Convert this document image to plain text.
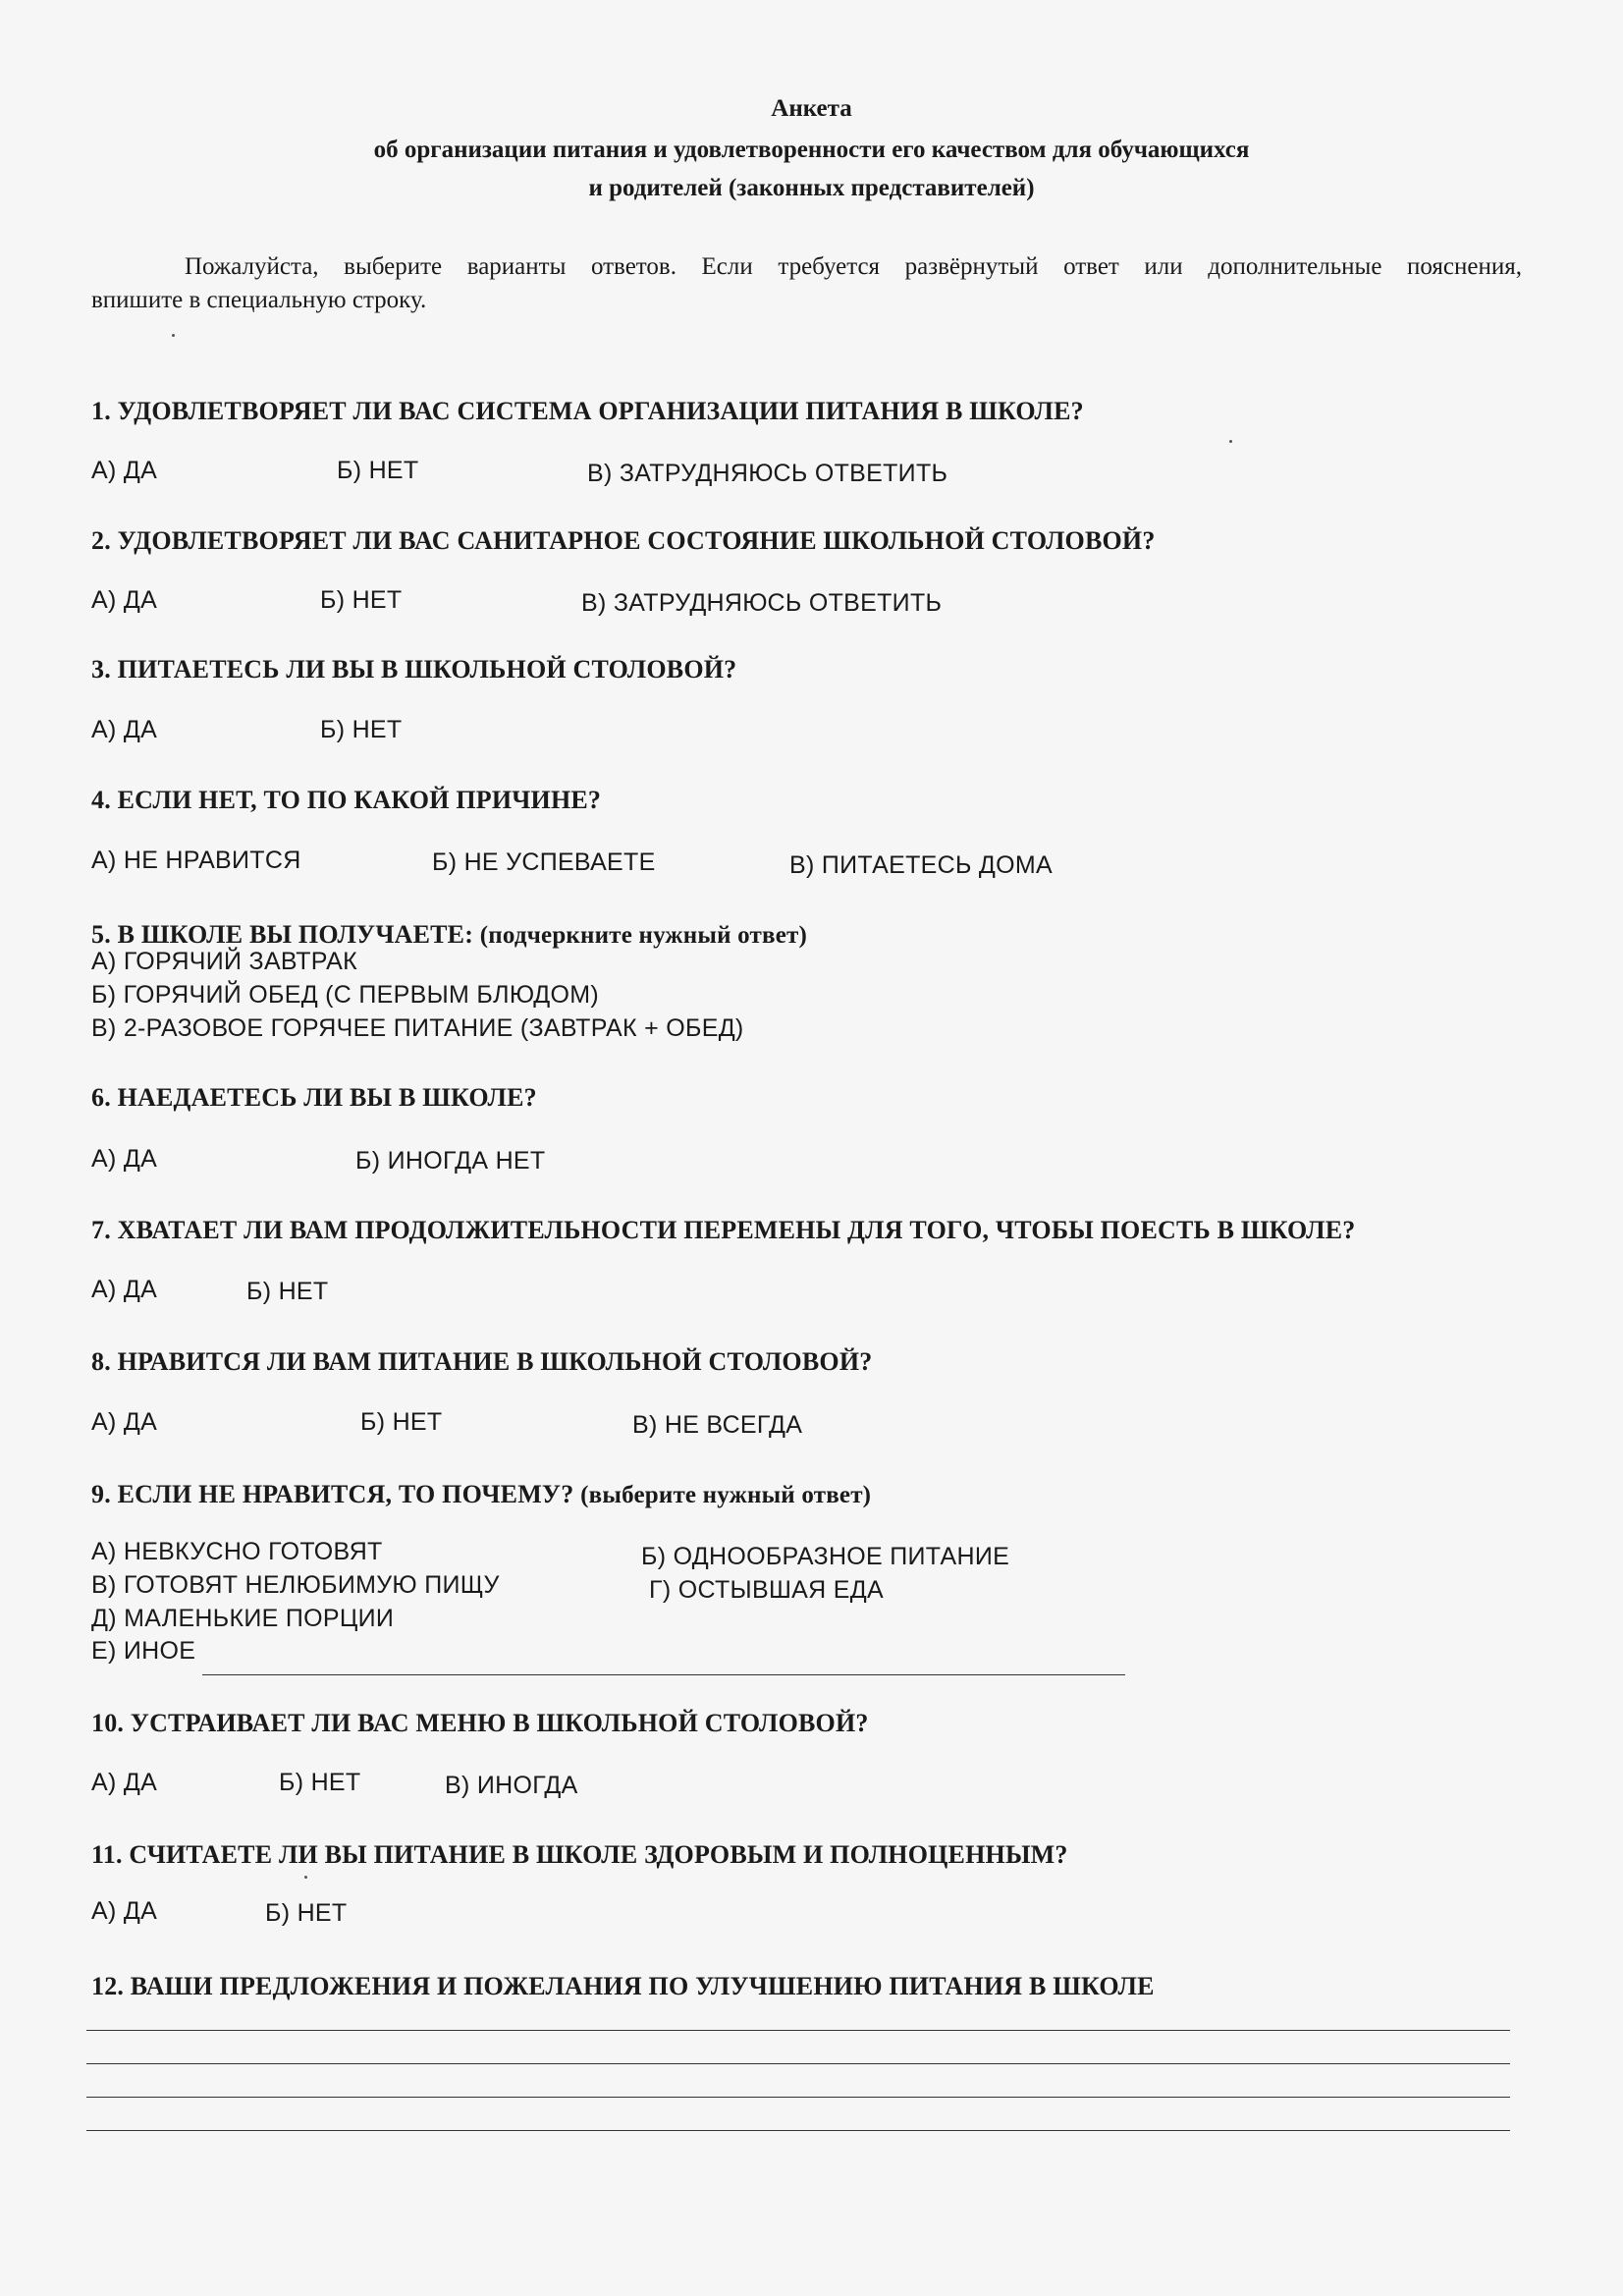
Анкета
об организации питания и удовлетворенности его качеством для обучающихся
и родителей (законных представителей)
Пожалуйста, выберите варианты ответов. Если требуется развёрнутый ответ или дополнительные пояснения,
впишите в специальную строку.
1. УДОВЛЕТВОРЯЕТ ЛИ ВАС СИСТЕМА ОРГАНИЗАЦИИ ПИТАНИЯ В ШКОЛЕ?
А) ДА	Б) НЕТ	В) ЗАТРУДНЯЮСЬ ОТВЕТИТЬ
2. УДОВЛЕТВОРЯЕТ ЛИ ВАС САНИТАРНОЕ СОСТОЯНИЕ ШКОЛЬНОЙ СТОЛОВОЙ?
А) ДА	Б) НЕТ	В) ЗАТРУДНЯЮСЬ ОТВЕТИТЬ
3. ПИТАЕТЕСЬ ЛИ ВЫ В ШКОЛЬНОЙ СТОЛОВОЙ?
А) ДА	Б) НЕТ
4. ЕСЛИ НЕТ, ТО ПО КАКОЙ ПРИЧИНЕ?
А) НЕ НРАВИТСЯ	Б) НЕ УСПЕВАЕТЕ	В) ПИТАЕТЕСЬ ДОМА
5. В ШКОЛЕ ВЫ ПОЛУЧАЕТЕ: (подчеркните нужный ответ)
А) ГОРЯЧИЙ ЗАВТРАК
Б) ГОРЯЧИЙ ОБЕД (С ПЕРВЫМ БЛЮДОМ)
В) 2-РАЗОВОЕ ГОРЯЧЕЕ ПИТАНИЕ (ЗАВТРАК + ОБЕД)
6. НАЕДАЕТЕСЬ ЛИ ВЫ В ШКОЛЕ?
А) ДА	Б) ИНОГДА НЕТ
7. ХВАТАЕТ ЛИ ВАМ ПРОДОЛЖИТЕЛЬНОСТИ ПЕРЕМЕНЫ ДЛЯ ТОГО, ЧТОБЫ ПОЕСТЬ В ШКОЛЕ?
А) ДА	Б) НЕТ
8. НРАВИТСЯ ЛИ ВАМ ПИТАНИЕ В ШКОЛЬНОЙ СТОЛОВОЙ?
А) ДА	Б) НЕТ	В) НЕ ВСЕГДА
9. ЕСЛИ НЕ НРАВИТСЯ, ТО ПОЧЕМУ? (выберите нужный ответ)
А) НЕВКУСНО ГОТОВЯТ	Б) ОДНООБРАЗНОЕ ПИТАНИЕ
В) ГОТОВЯТ НЕЛЮБИМУЮ ПИЩУ	Г) ОСТЫВШАЯ ЕДА
Д) МАЛЕНЬКИЕ ПОРЦИИ
Е) ИНОЕ
10. УСТРАИВАЕТ ЛИ ВАС МЕНЮ В ШКОЛЬНОЙ СТОЛОВОЙ?
А) ДА	Б) НЕТ	В) ИНОГДА
11. СЧИТАЕТЕ ЛИ ВЫ ПИТАНИЕ В ШКОЛЕ ЗДОРОВЫМ И ПОЛНОЦЕННЫМ?
А) ДА	Б) НЕТ
12. ВАШИ ПРЕДЛОЖЕНИЯ И ПОЖЕЛАНИЯ ПО УЛУЧШЕНИЮ ПИТАНИЯ В ШКОЛЕ
